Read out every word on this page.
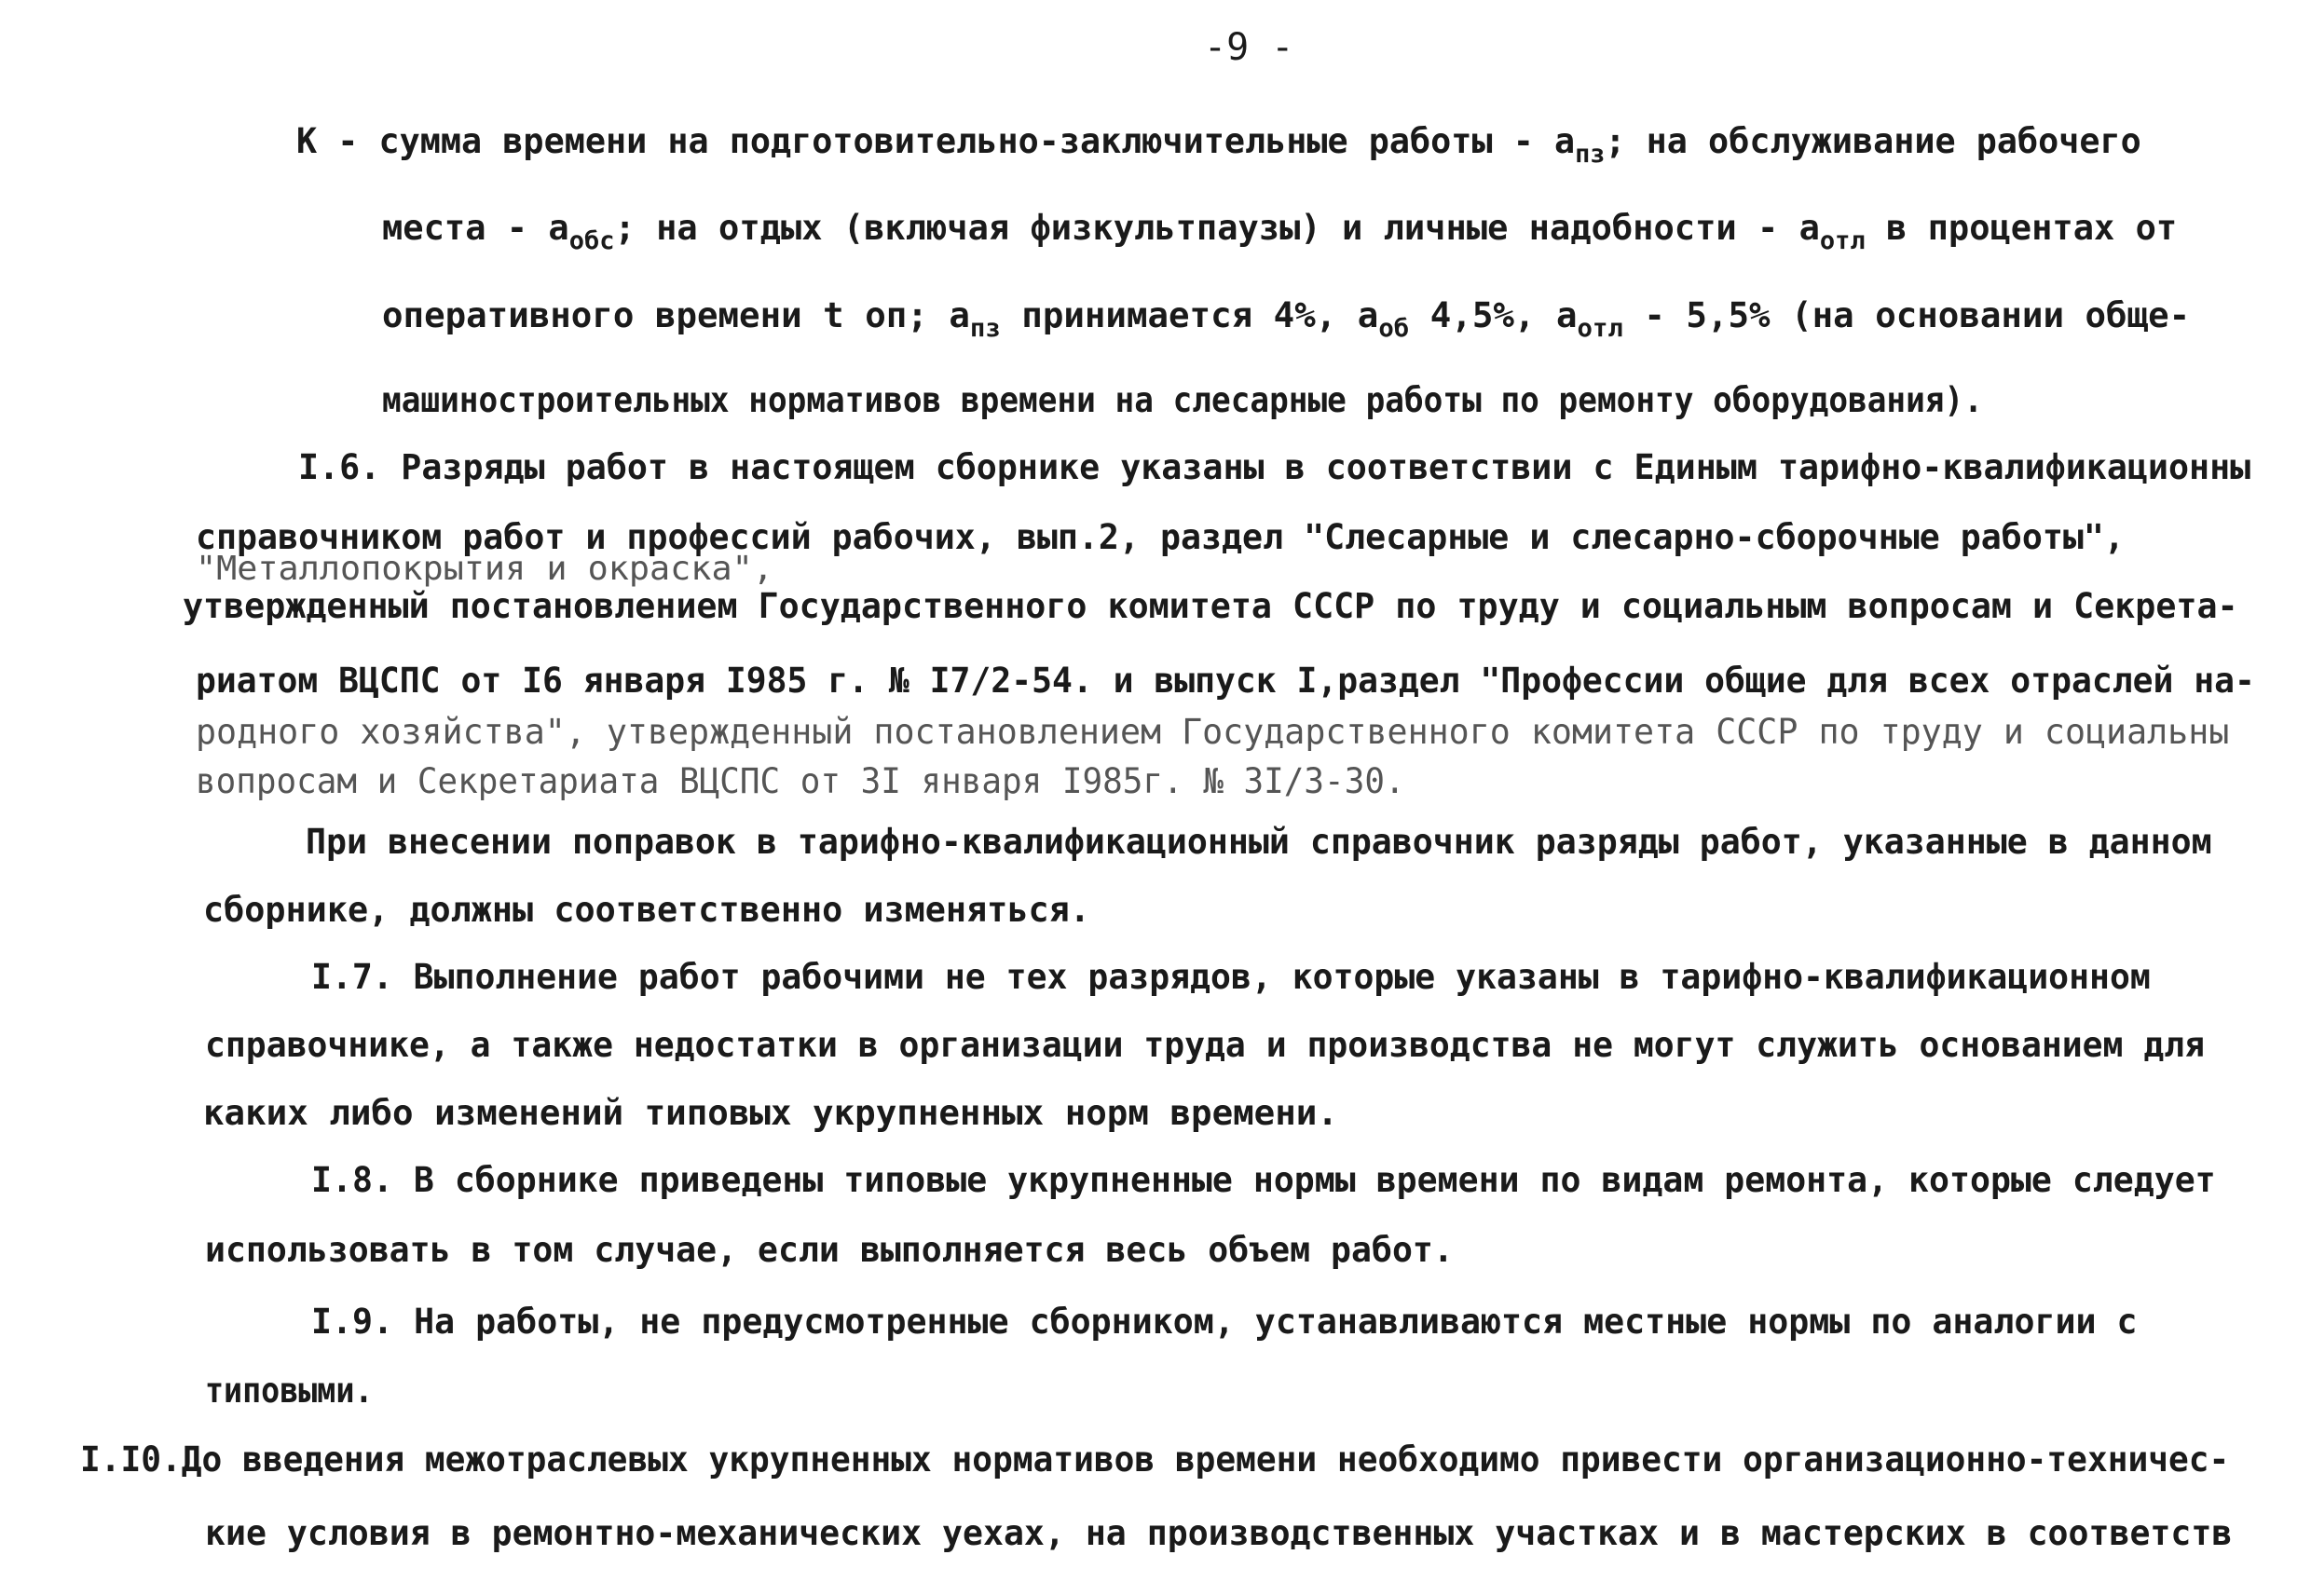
-9 -
К - сумма времени на подготовительно-заключительные работы - $а_{пз}$; на обслуживание рабочего
места - $а_{обс}$; на отдых (включая физкультпаузы) и личные надобности - $а_{отл}$ в процентах от
оперативного времени t оп; $а_{пз}$ принимается 4%, $а_{об}$ 4,5%, $а_{отл} - 5,5\%$ (на основании обще-
машиностроительных нормативов времени на слесарные работы по ремонту оборудования).
I.6. Разряды работ в настоящем сборнике указаны в соответствии с Единым тарифно-квалификационны
справочником работ и профессий рабочих, вып.2, раздел "Слесарные и слесарно-сборочные работы",
"Металлопокрытия и окраска",
утвержденный постановлением Государственного комитета СССР по труду и социальным вопросам и Секрета-
риатом ВЦСПС от I6 января I985 г. № I7/2-54. и выпуск I,раздел "Профессии общие для всех отраслей на-
родного хозяйства", утвержденный постановлением Государственного комитета СССР по труду и социальны
вопросам и Секретариата ВЦСПС от 3I января I985г. № 3I/3-30.
При внесении поправок в тарифно-квалификационный справочник разряды работ, указанные в данном
сборнике, должны соответственно изменяться.
I.7. Выполнение работ рабочими не тех разрядов, которые указаны в тарифно-квалификационном
справочнике, а также недостатки в организации труда и производства не могут служить основанием для
каких либо изменений типовых укрупненных норм времени.
I.8. В сборнике приведены типовые укрупненные нормы времени по видам ремонта, которые следует
использовать в том случае, если выполняется весь объем работ.
I.9. На работы, не предусмотренные сборником, устанавливаются местные нормы по аналогии с
типовыми.
I.I0.До введения межотраслевых укрупненных нормативов времени необходимо привести организационно-техничес-
кие условия в ремонтно-механических уехах, на производственных участках и в мастерских в соответств
